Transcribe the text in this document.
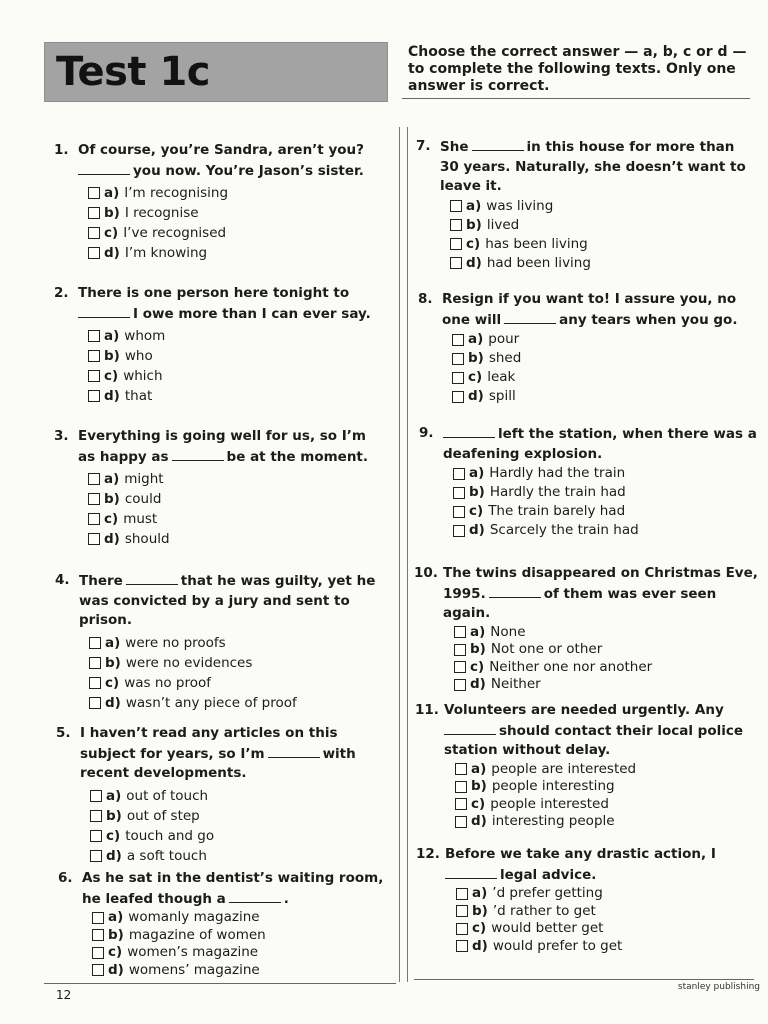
Test 1c	Choose the correct answer — a, b, c or d — to complete the following texts. Only one answer is correct.
1. Of course, you’re Sandra, aren’t you?
you now. You’re Jason’s sister.
a) I’m recognising
b) I recognise
c) I’ve recognised
d) I’m knowing
2. There is one person here tonight to
I owe more than I can ever say.
a) whom
b) who
c) which
d) that
3. Everything is going well for us, so I’m as happy as	be at the moment.
a) might
b) could
c) must
d) should
4. There	that he was guilty, yet he was convicted by a jury and sent to prison.
a) were no proofs
b) were no evidences
c) was no proof
d) wasn’t any piece of proof
5. I haven’t read any articles on this subject for years, so I’m	with recent developments.
a) out of touch
b) out of step
c) touch and go
d) a soft touch
6. As he sat in the dentist’s waiting room, he leafed though a	.
a) womanly magazine
b) magazine of women
c) women’s magazine
d) womens’ magazine
7. She	in this house for more than 30 years. Naturally, she doesn’t want to leave it.
a) was living
b) lived
c) has been living
d) had been living
8. Resign if you want to! I assure you, no one will	any tears when you go.
a) pour
b) shed
c) leak
d) spill
9.	left the station, when there was a deafening explosion.
a) Hardly had the train
b) Hardly the train had
c) The train barely had
d) Scarcely the train had
10. The twins disappeared on Christmas Eve, 1995.	of them was ever seen again.
a) None
b) Not one or other
c) Neither one nor another
d) Neither
11. Volunteers are needed urgently. Any
should contact their local police station without delay.
a) people are interested
b) people interesting
c) people interested
d) interesting people
12. Before we take any drastic action, I
legal advice.
a) ’d prefer getting
b) ’d rather to get
c) would better get
d) would prefer to get
12
stanley publishing
